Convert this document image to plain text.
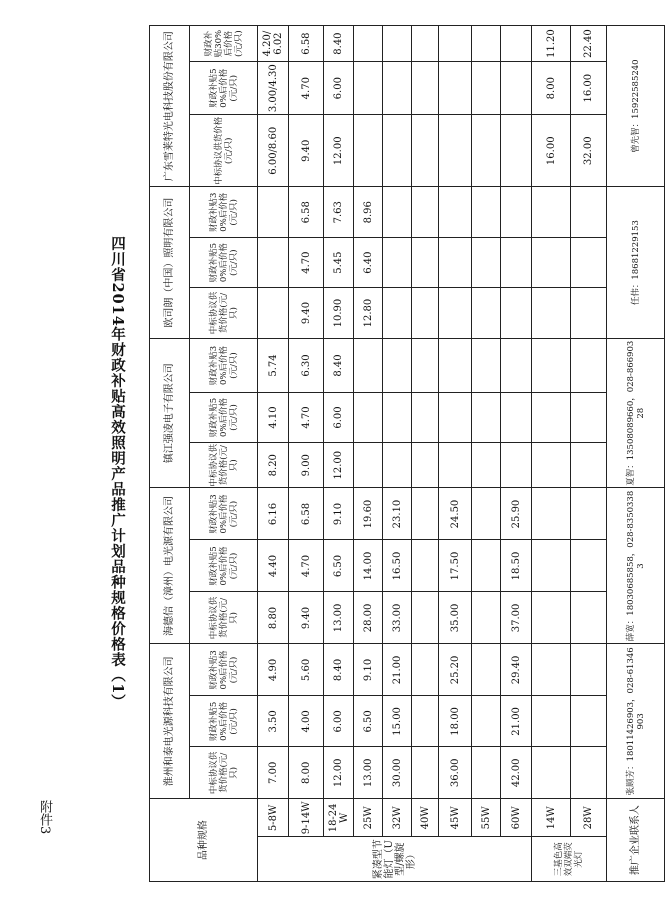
附件3
四川省2014年财政补贴高效照明产品推广计划品种规格价格表（1）
品种规格		淮州和泰电光源科技有限公司			海德信（漳州）电光源有限公司			镇江强凌电子有限公司			欧司朗（中国）照明有限公司			广东雪莱特光电科技股份有限公司		
		中标协议供货价格(元/只)	财政补贴50%后价格(元/只)	财政补贴30%后价格(元/只)	中标协议供货价格(元/只)	财政补贴50%后价格(元/只)	财政补贴30%后价格(元/只)	中标协议供货价格(元/只)	财政补贴50%后价格(元/只)	财政补贴30%后价格(元/只)	中标协议供货价格(元/只)	财政补贴50%后价格(元/只)	财政补贴30%后价格(元/只)	中标协议供货价格(元/只)	财政补贴50%后价格(元/只)	财政补贴30%后价格(元/只)
紧凑型节能灯（U型/螺旋形）	5-8W	7.00	3.50	4.90	8.80	4.40	6.16	8.20	4.10	5.74				6.00/8.60	3.00/4.30	4.20/6.02
	9-14W	8.00	4.00	5.60	9.40	4.70	6.58	9.00	4.70	6.30	9.40	4.70	6.58	9.40	4.70	6.58
	18-24W	12.00	6.00	8.40	13.00	6.50	9.10	12.00	6.00	8.40	10.90	5.45	7.63	12.00	6.00	8.40
	25W	13.00	6.50	9.10	28.00	14.00	19.60				12.80	6.40	8.96			
	32W	30.00	15.00	21.00	33.00	16.50	23.10									
	40W															
	45W	36.00	18.00	25.20	35.00	17.50	24.50									
	55W															
	60W	42.00	21.00	29.40	37.00	18.50	25.90									
三基色高效双端荧光灯	14W													16.00	8.00	11.20
	28W													32.00	16.00	22.40
推广企业联系人		张顾芳：18011426903，028-61346903			薛宽：18030685858，028-83503383			夏智：13508089660，028-86690328			任伟：18681229153			曾先智：15922585240		
